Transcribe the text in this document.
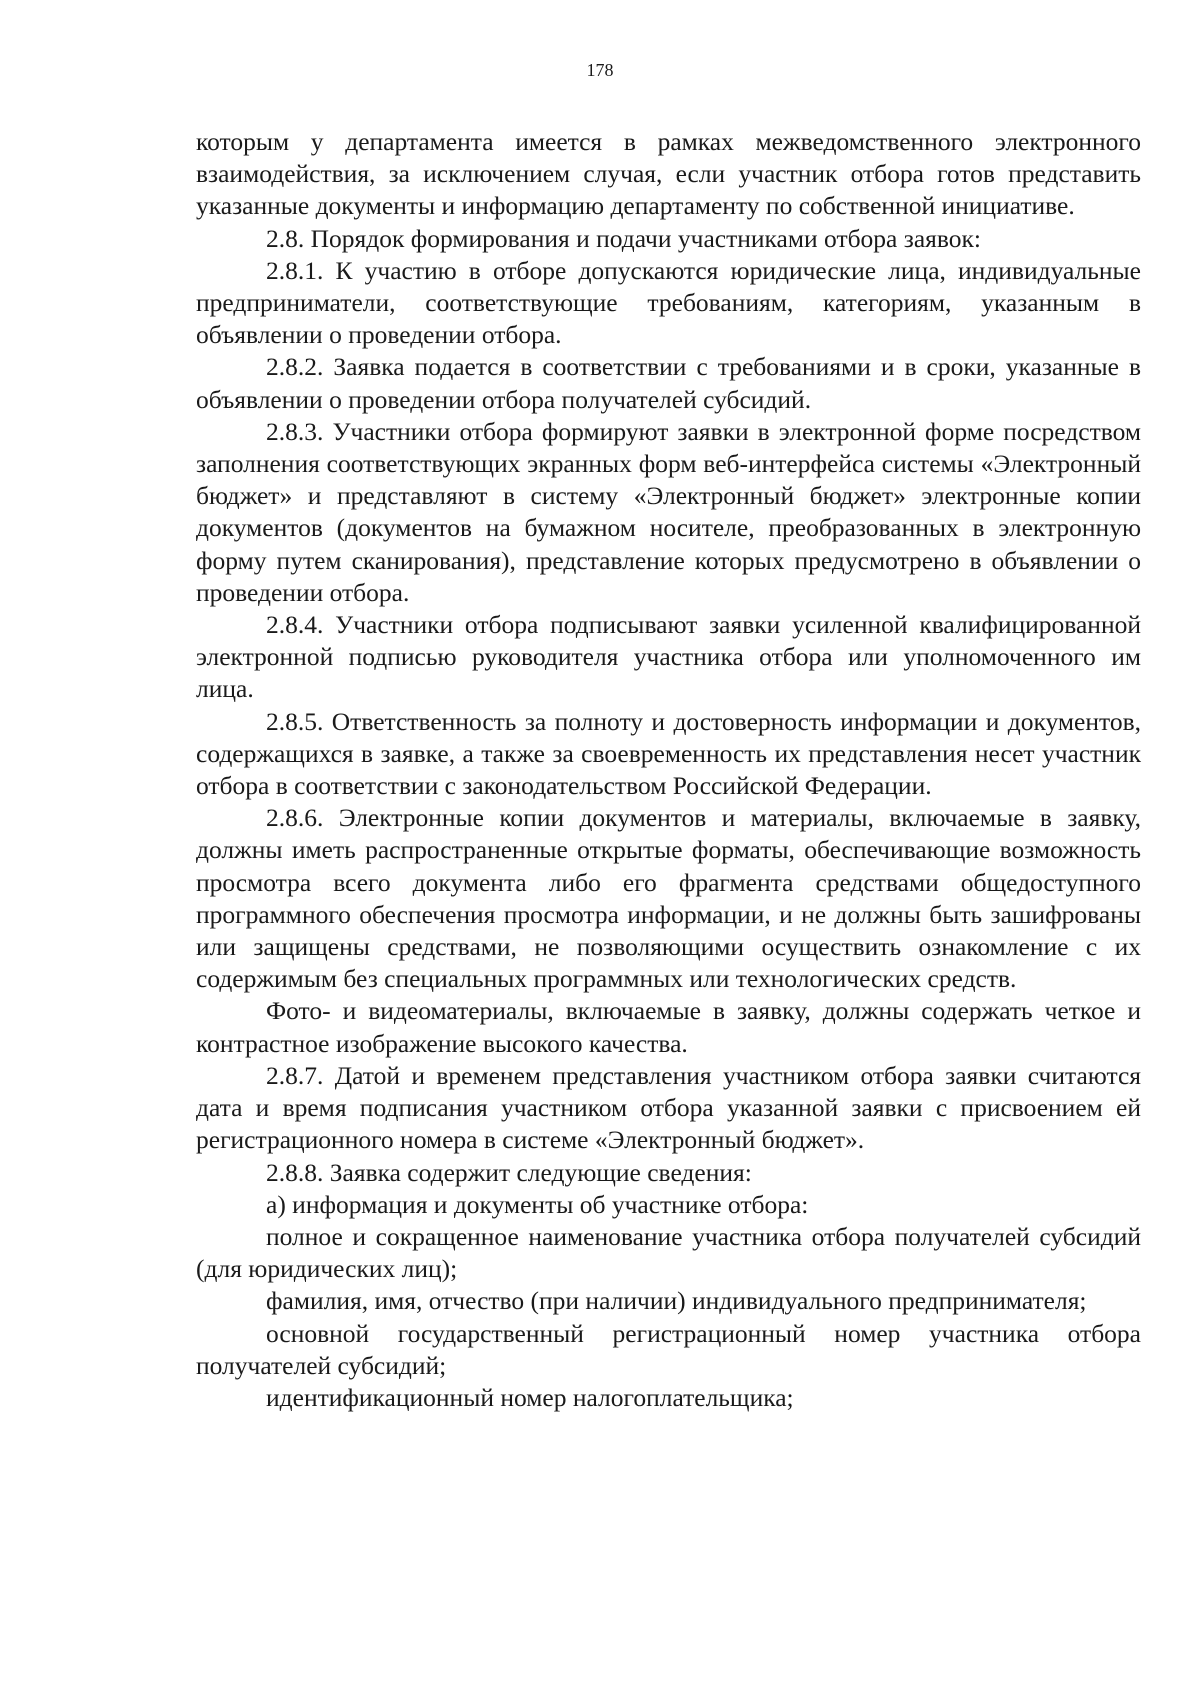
178

которым у департамента имеется в рамках межведомственного электронного взаимодействия, за исключением случая, если участник отбора готов представить указанные документы и информацию департаменту по собственной инициативе.

2.8. Порядок формирования и подачи участниками отбора заявок:

2.8.1. К участию в отборе допускаются юридические лица, индивидуальные предприниматели, соответствующие требованиям, категориям, указанным в объявлении о проведении отбора.

2.8.2. Заявка подается в соответствии с требованиями и в сроки, указанные в объявлении о проведении отбора получателей субсидий.

2.8.3. Участники отбора формируют заявки в электронной форме посредством заполнения соответствующих экранных форм веб-интерфейса системы «Электронный бюджет» и представляют в систему «Электронный бюджет» электронные копии документов (документов на бумажном носителе, преобразованных в электронную форму путем сканирования), представление которых предусмотрено в объявлении о проведении отбора.

2.8.4. Участники отбора подписывают заявки усиленной квалифицированной электронной подписью руководителя участника отбора или уполномоченного им лица.

2.8.5. Ответственность за полноту и достоверность информации и документов, содержащихся в заявке, а также за своевременность их представления несет участник отбора в соответствии с законодательством Российской Федерации.

2.8.6. Электронные копии документов и материалы, включаемые в заявку, должны иметь распространенные открытые форматы, обеспечивающие возможность просмотра всего документа либо его фрагмента средствами общедоступного программного обеспечения просмотра информации, и не должны быть зашифрованы или защищены средствами, не позволяющими осуществить ознакомление с их содержимым без специальных программных или технологических средств.

Фото- и видеоматериалы, включаемые в заявку, должны содержать четкое и контрастное изображение высокого качества.

2.8.7. Датой и временем представления участником отбора заявки считаются дата и время подписания участником отбора указанной заявки с присвоением ей регистрационного номера в системе «Электронный бюджет».

2.8.8. Заявка содержит следующие сведения:

а) информация и документы об участнике отбора:

полное и сокращенное наименование участника отбора получателей субсидий (для юридических лиц);

фамилия, имя, отчество (при наличии) индивидуального предпринимателя;

основной государственный регистрационный номер участника отбора получателей субсидий;

идентификационный номер налогоплательщика;
